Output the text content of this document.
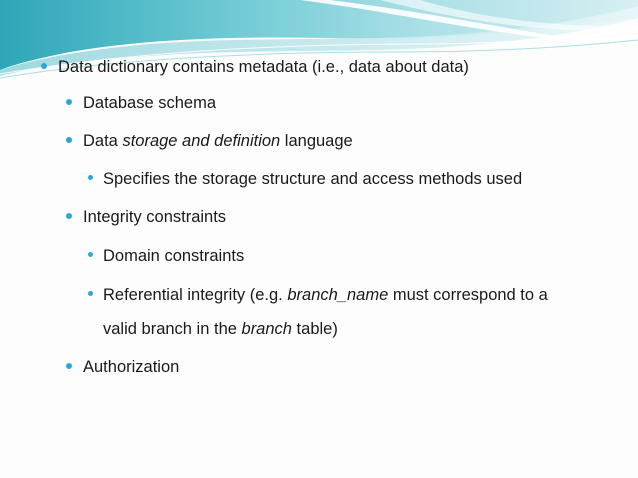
Data dictionary contains metadata (i.e., data about data)
Database schema
Data storage and definition language
Specifies the storage structure and access methods used
Integrity constraints
Domain constraints
Referential integrity (e.g. branch_name must correspond to a
valid branch in the branch table)
Authorization
